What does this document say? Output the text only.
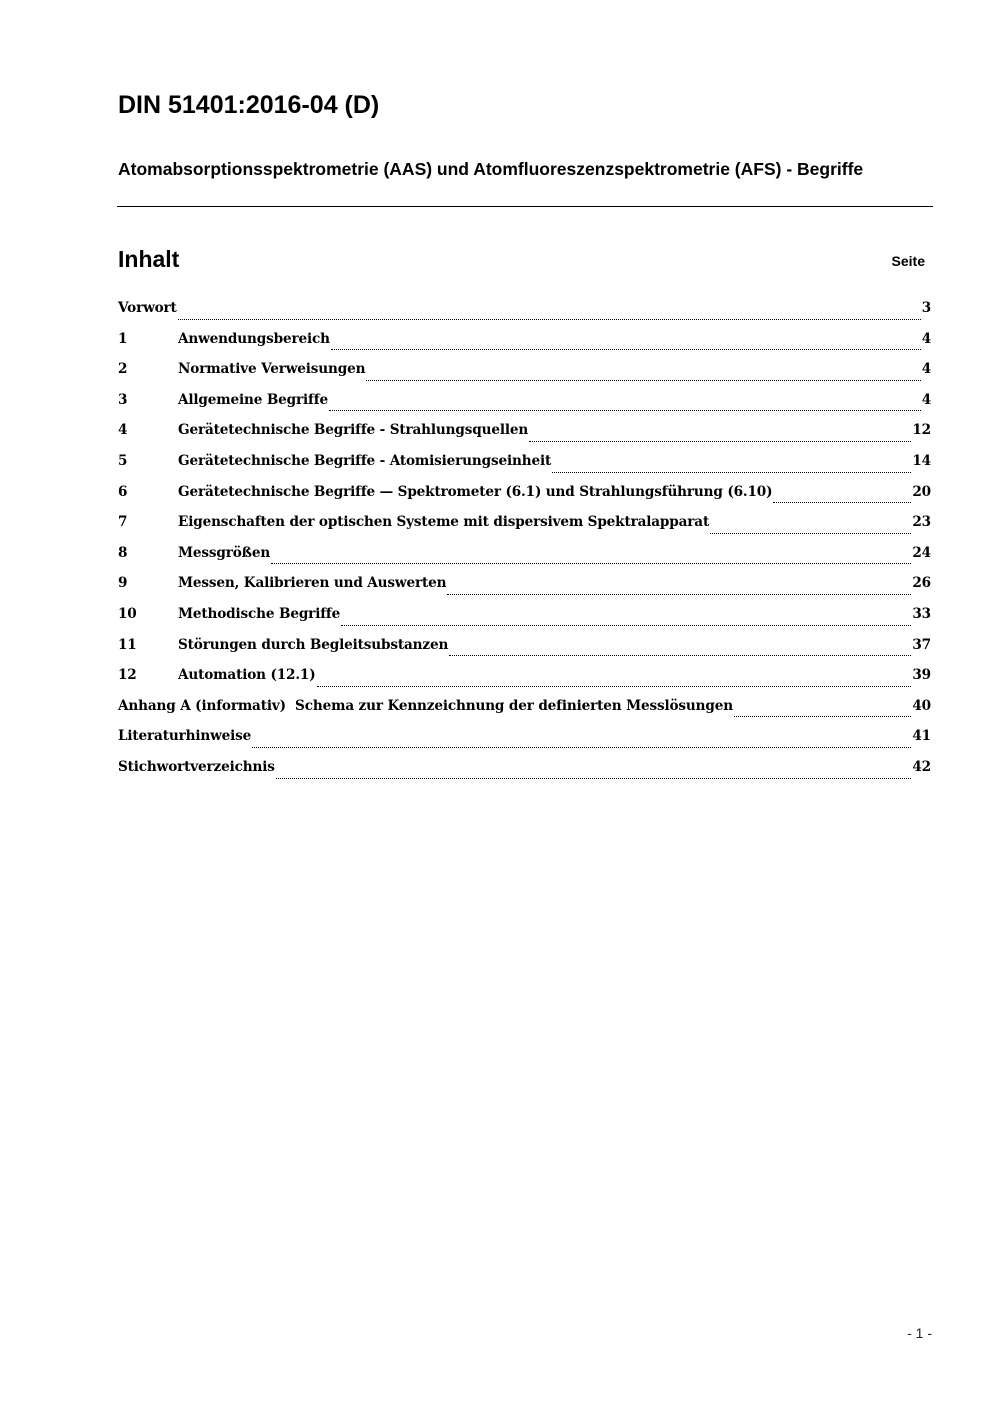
DIN 51401:2016-04 (D)
Atomabsorptionsspektrometrie (AAS) und Atomfluoreszenzspektrometrie (AFS) - Begriffe
Inhalt	Seite
Vorwort	3
1	Anwendungsbereich	4
2	Normative Verweisungen	4
3	Allgemeine Begriffe	4
4	Gerätetechnische Begriffe - Strahlungsquellen	12
5	Gerätetechnische Begriffe - Atomisierungseinheit	14
6	Gerätetechnische Begriffe — Spektrometer (6.1) und Strahlungsführung (6.10)	20
7	Eigenschaften der optischen Systeme mit dispersivem Spektralapparat	23
8	Messgrößen	24
9	Messen, Kalibrieren und Auswerten	26
10	Methodische Begriffe	33
11	Störungen durch Begleitsubstanzen	37
12	Automation (12.1)	39
Anhang A (informativ)  Schema zur Kennzeichnung der definierten Messlösungen	40
Literaturhinweise	41
Stichwortverzeichnis	42
- 1 -
